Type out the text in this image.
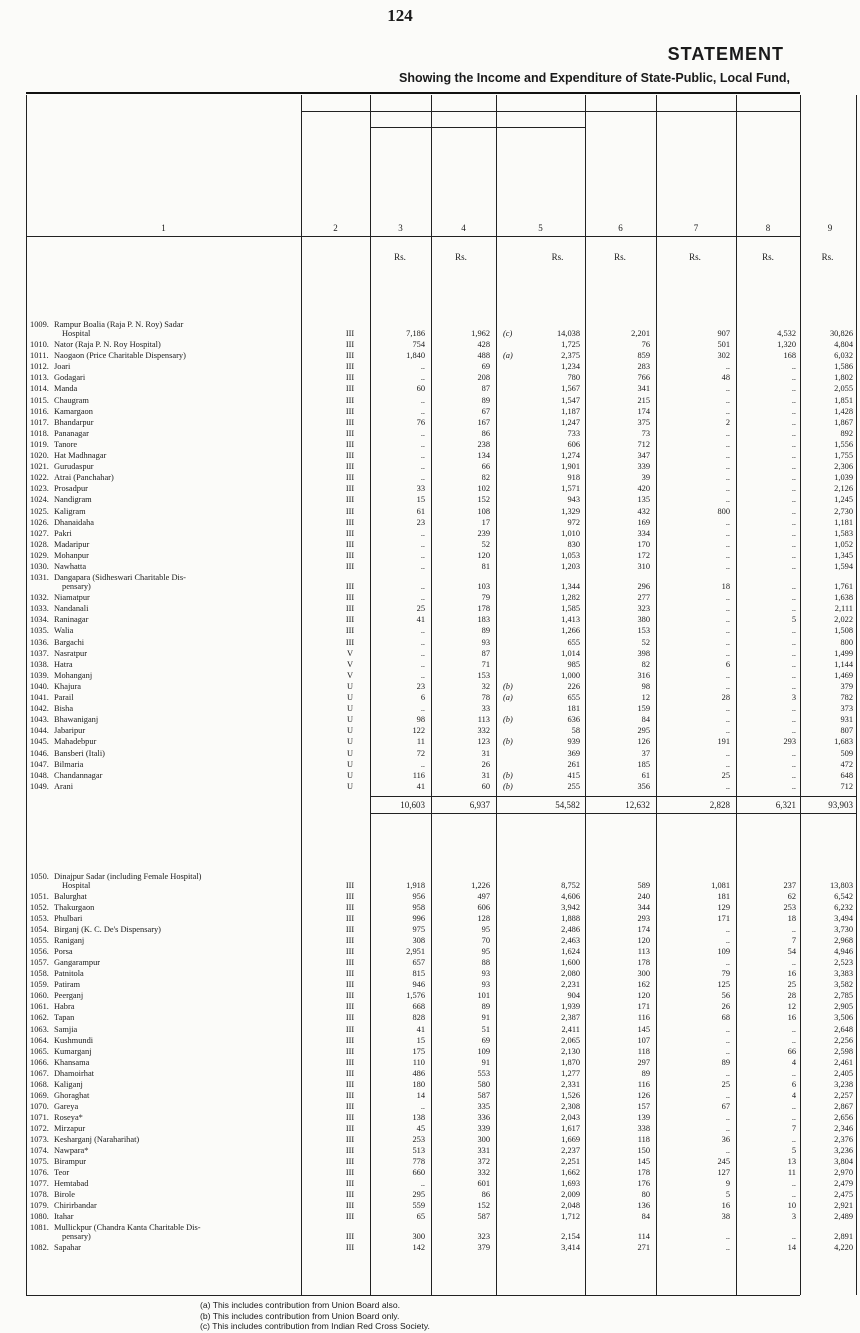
124
STATEMENT
Showing the Income and Expenditure of State-Public, Local Fund,
1	2	3	4	5	6	7	8	9
Rs.	Rs.	Rs.	Rs.	Rs.	Rs.	Rs.
1009. Rampur Boalia (Raja P. N. Roy) Sadar
Hospital	III	7,186	1,962 (c)	14,038	2,201	907	4,532	30,826
1010. Nator (Raja P. N. Roy Hospital)	III	754	428	1,725	76	501	1,320	4,804
1011. Naogaon (Price Charitable Dispensary)	III	1,840	488 (a)	2,375	859	302	168	6,032
1012. Joari	III	..	69	1,234	283	..	..	1,586
1013. Godagari	III	..	208	780	766	48	..	1,802
1014. Manda	III	60	87	1,567	341	..	..	2,055
1015. Chaugram	III	..	89	1,547	215	..	..	1,851
1016. Kamargaon	III	..	67	1,187	174	..	..	1,428
1017. Bhandarpur	III	76	167	1,247	375	2	..	1,867
1018. Pananagar	III	..	86	733	73	..	..	892
1019. Tanore	III	..	238	606	712	..	..	1,556
1020. Hat Madhnagar	III	..	134	1,274	347	..	..	1,755
1021. Gurudaspur	III	..	66	1,901	339	..	..	2,306
1022. Atrai (Panchahar)	III	..	82	918	39	..	..	1,039
1023. Prosadpur	III	33	102	1,571	420	..	..	2,126
1024. Nandigram	III	15	152	943	135	..	..	1,245
1025. Kaligram	III	61	108	1,329	432	800	..	2,730
1026. Dhanaidaha	III	23	17	972	169	..	..	1,181
1027. Pakri	III	..	239	1,010	334	..	..	1,583
1028. Madaripur	III	..	52	830	170	..	..	1,052
1029. Mohanpur	III	..	120	1,053	172	..	..	1,345
1030. Nawhatta	III	..	81	1,203	310	..	..	1,594
1031. Dangapara (Sidheswari Charitable Dis-
pensary)	III	..	103	1,344	296	18	..	1,761
1032. Niamatpur	III	..	79	1,282	277	..	..	1,638
1033. Nandanali	III	25	178	1,585	323	..	..	2,111
1034. Raninagar	III	41	183	1,413	380	..	5	2,022
1035. Walia	III	..	89	1,266	153	..	..	1,508
1036. Bargachi	III	..	93	655	52	..	..	800
1037. Nasratpur	V	..	87	1,014	398	..	..	1,499
1038. Hatra	V	..	71	985	82	6	..	1,144
1039. Mohanganj	V	..	153	1,000	316	..	..	1,469
1040. Khajura	U	23	32 (b)	226	98	..	..	379
1041. Parail	U	6	78 (a)	655	12	28	3	782
1042. Bisha	U	..	33	181	159	..	..	373
1043. Bhawaniganj	U	98	113 (b)	636	84	..	..	931
1044. Jabaripur	U	122	332	58	295	..	..	807
1045. Mahadebpur	U	11	123 (b)	939	126	191	293	1,683
1046. Bansberi (Itali)	U	72	31	369	37	..	..	509
1047. Bilmaria	U	..	26	261	185	..	..	472
1048. Chandannagar	U	116	31 (b)	415	61	25	..	648
1049. Arani	U	41	60 (b)	255	356	..	..	712
10,603	6,937	54,582	12,632	2,828	6,321	93,903
1050. Dinajpur Sadar (including Female Hospital)
Hospital	III	1,918	1,226	8,752	589	1,081	237	13,803
1051. Balurghat	III	956	497	4,606	240	181	62	6,542
1052. Thakurgaon	III	958	606	3,942	344	129	253	6,232
1053. Phulbari	III	996	128	1,888	293	171	18	3,494
1054. Birganj (K. C. De's Dispensary)	III	975	95	2,486	174	..	..	3,730
1055. Raniganj	III	308	70	2,463	120	..	7	2,968
1056. Porsa	III	2,951	95	1,624	113	109	54	4,946
1057. Gangarampur	III	657	88	1,600	178	..	..	2,523
1058. Patnitola	III	815	93	2,080	300	79	16	3,383
1059. Patiram	III	946	93	2,231	162	125	25	3,582
1060. Peerganj	III	1,576	101	904	120	56	28	2,785
1061. Habra	III	668	89	1,939	171	26	12	2,905
1062. Tapan	III	828	91	2,387	116	68	16	3,506
1063. Samjia	III	41	51	2,411	145	..	..	2,648
1064. Kushmundi	III	15	69	2,065	107	..	..	2,256
1065. Kumarganj	III	175	109	2,130	118	..	66	2,598
1066. Khansama	III	110	91	1,870	297	89	4	2,461
1067. Dhamoirhat	III	486	553	1,277	89	..	..	2,405
1068. Kaliganj	III	180	580	2,331	116	25	6	3,238
1069. Ghoraghat	III	14	587	1,526	126	..	4	2,257
1070. Gareya	III	..	335	2,308	157	67	..	2,867
1071. Roseya*	III	138	336	2,043	139	..	..	2,656
1072. Mirzapur	III	45	339	1,617	338	..	7	2,346
1073. Kesharganj (Naraharihat)	III	253	300	1,669	118	36	..	2,376
1074. Nawpara*	III	513	331	2,237	150	..	5	3,236
1075. Birampur	III	778	372	2,251	145	245	13	3,804
1076. Teor	III	660	332	1,662	178	127	11	2,970
1077. Hemtabad	III	..	601	1,693	176	9	..	2,479
1078. Birole	III	295	86	2,009	80	5	..	2,475
1079. Chirirbandar	III	559	152	2,048	136	16	10	2,921
1080. Itahar	III	65	587	1,712	84	38	3	2,489
1081. Mullickpur (Chandra Kanta Charitable Dis-
pensary)	III	300	323	2,154	114	..	..	2,891
1082. Sapahar	III	142	379	3,414	271	..	14	4,220
(a) This includes contribution from Union Board also.
(b) This includes contribution from Union Board only.
(c) This includes contribution from Indian Red Cross Society.
